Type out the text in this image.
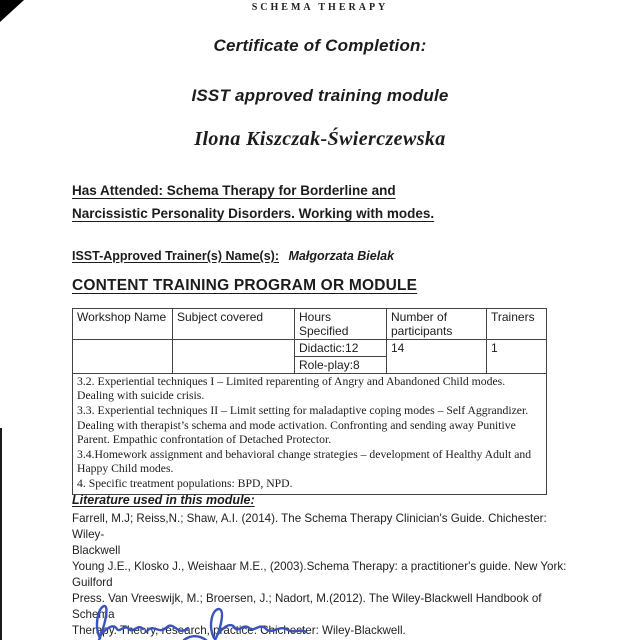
SCHEMA THERAPY
Certificate of Completion:
ISST approved training module
Ilona Kiszczak-Świerczewska
Has Attended: Schema Therapy for Borderline and
Narcissistic Personality Disorders. Working with modes.
ISST-Approved Trainer(s) Name(s): Małgorzata Bielak
CONTENT TRAINING PROGRAM OR MODULE
Workshop Name	Subject covered	Hours Specified	Number of participants	Trainers
		Didactic:12	14	1
		Role-play:8		

3.2. Experiential techniques I – Limited reparenting of Angry and Abandoned Child modes. Dealing with suicide crisis.

3.3. Experiential techniques II – Limit setting for maladaptive coping modes – Self Aggrandizer. Dealing with therapist’s schema and mode activation. Confronting and sending away Punitive Parent. Empathic confrontation of Detached Protector.

3.4.Homework assignment and behavioral change strategies – development of Healthy Adult and Happy Child modes.

4. Specific treatment populations: BPD, NPD.				

Literature used in this module:
Farrell, M.J; Reiss,N.; Shaw, A.I. (2014). The Schema Therapy Clinician's Guide. Chichester: Wiley-
Blackwell
Young J.E., Klosko J., Weishaar M.E., (2003).Schema Therapy: a practitioner's guide. New York: Guilford
Press. Van Vreeswijk, M.; Broersen, J.; Nadort, M.(2012). The Wiley-Blackwell Handbook of Schema
Therapy. Theory, research, practice. Chichester: Wiley-Blackwell.
